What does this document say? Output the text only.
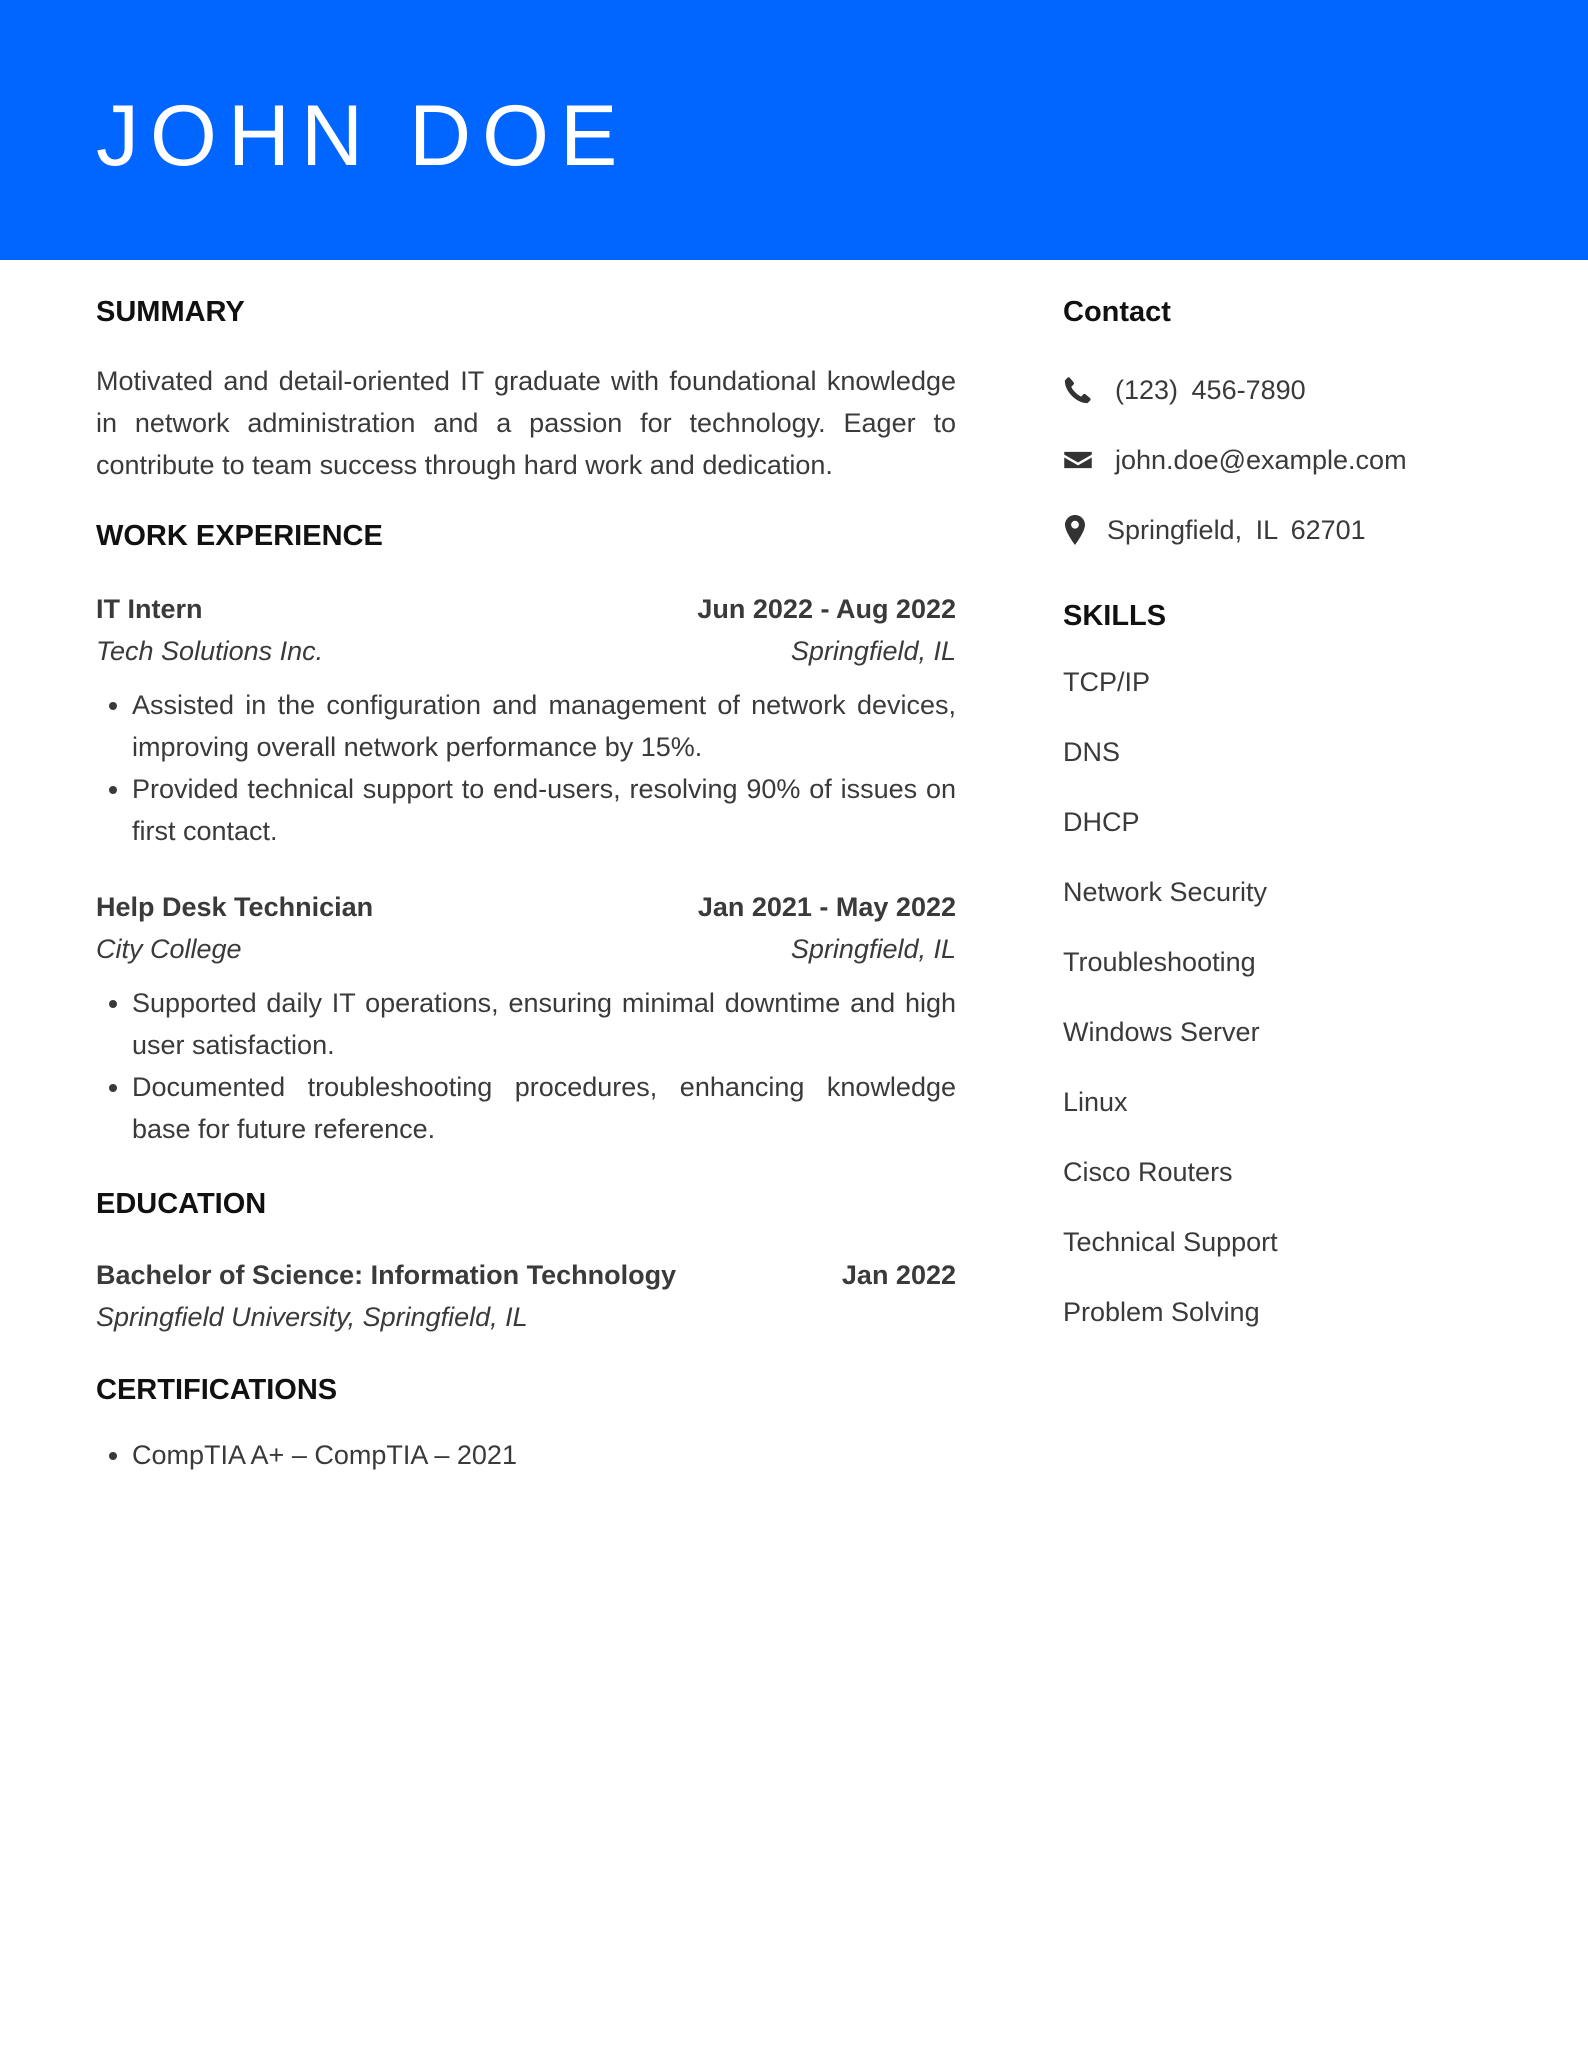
JOHN DOE
SUMMARY

Motivated and detail-oriented IT graduate with foundational knowledge in network administration and a passion for technology. Eager to contribute to team success through hard work and dedication.

WORK EXPERIENCE
IT Intern	Jun 2022 - Aug 2022
Tech Solutions Inc.	Springfield, IL
• Assisted in the configuration and management of network devices, improving overall network performance by 15%.
• Provided technical support to end-users, resolving 90% of issues on first contact.
Help Desk Technician	Jan 2021 - May 2022
City College	Springfield, IL
• Supported daily IT operations, ensuring minimal downtime and high user satisfaction.
• Documented troubleshooting procedures, enhancing knowledge base for future reference.
EDUCATION
Bachelor of Science: Information Technology	Jan 2022
Springfield University, Springfield, IL
CERTIFICATIONS
• CompTIA A+ – CompTIA – 2021
Contact
(123) 456-7890
john.doe@example.com
Springfield, IL 62701
SKILLS
TCP/IP
DNS
DHCP
Network Security
Troubleshooting
Windows Server
Linux
Cisco Routers
Technical Support
Problem Solving
